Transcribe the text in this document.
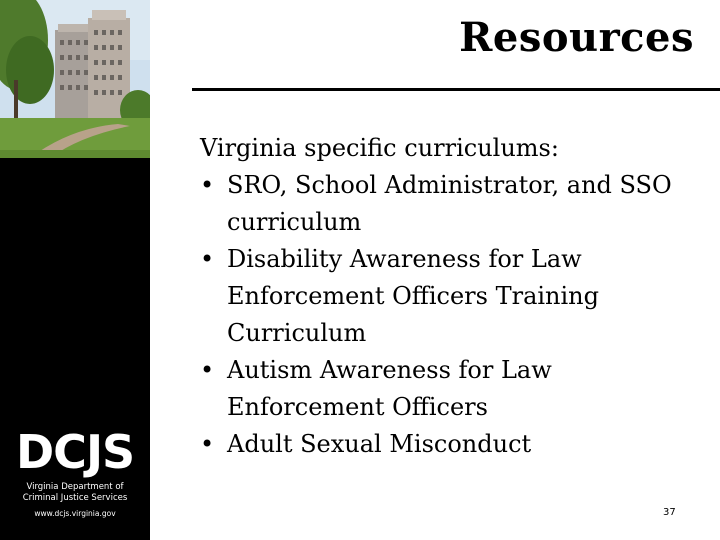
DCJS
Virginia Department of
Criminal Justice Services
www.dcjs.virginia.gov
Resources

Virginia specific curriculums:

• SRO, School Administrator, and SSO curriculum
• Disability Awareness for Law Enforcement Officers Training Curriculum
• Autism Awareness for Law Enforcement Officers
• Adult Sexual Misconduct
37
